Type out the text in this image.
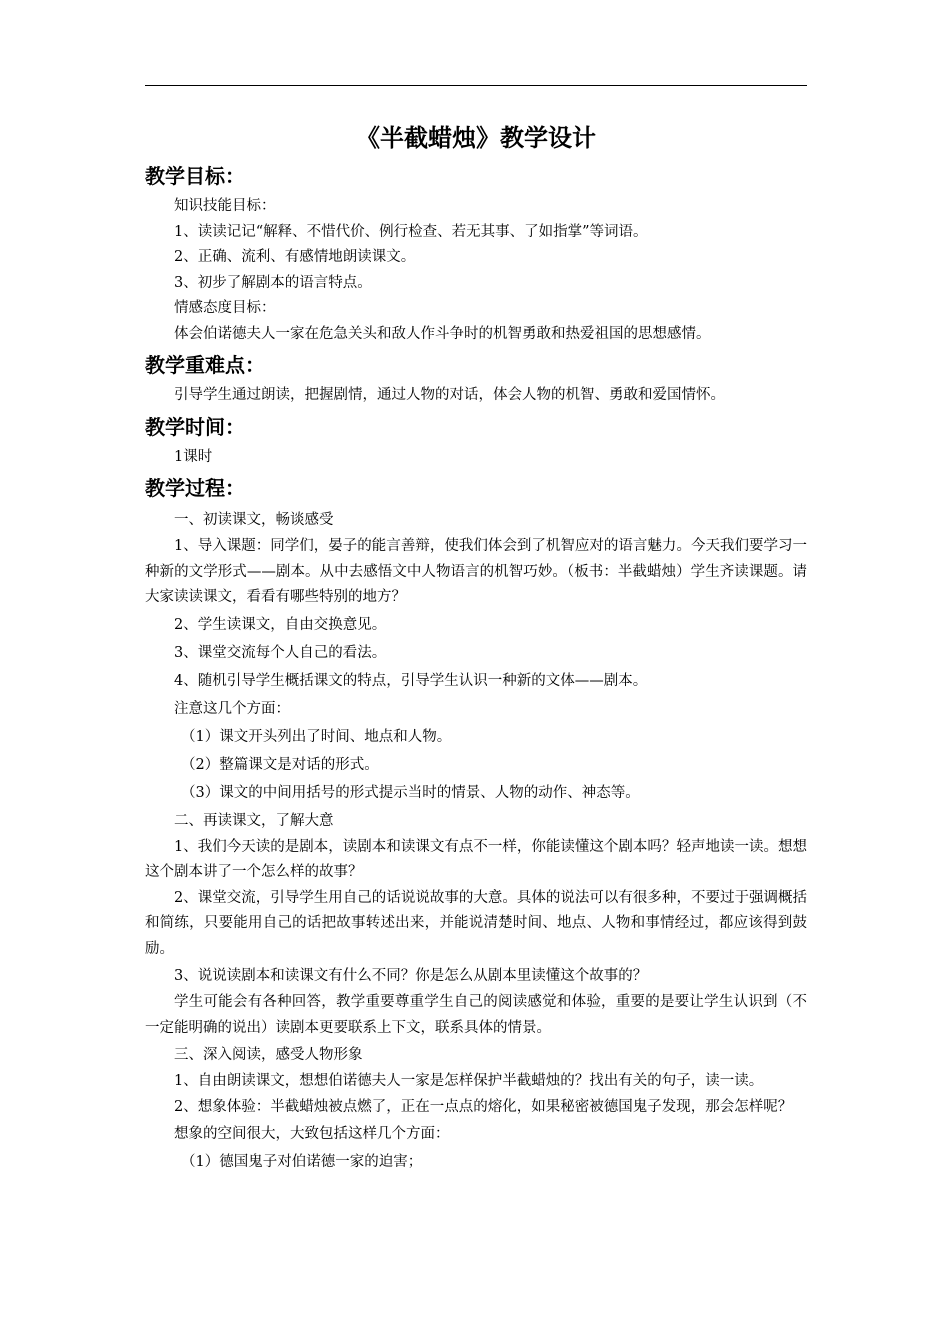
《半截蜡烛》教学设计
教学目标：

知识技能目标：

1、读读记记“解释、不惜代价、例行检查、若无其事、了如指掌”等词语。

2、正确、流利、有感情地朗读课文。

3、初步了解剧本的语言特点。

情感态度目标：

体会伯诺德夫人一家在危急关头和敌人作斗争时的机智勇敢和热爱祖国的思想感情。

教学重难点：

引导学生通过朗读，把握剧情，通过人物的对话，体会人物的机智、勇敢和爱国情怀。

教学时间：

1课时

教学过程：

一、初读课文，畅谈感受

1、导入课题：同学们，晏子的能言善辩，使我们体会到了机智应对的语言魅力。今天我们要学习一种新的文学形式——剧本。从中去感悟文中人物语言的机智巧妙。（板书：半截蜡烛）学生齐读课题。请大家读读课文，看看有哪些特别的地方？

2、学生读课文，自由交换意见。

3、课堂交流每个人自己的看法。

4、随机引导学生概括课文的特点，引导学生认识一种新的文体——剧本。

注意这几个方面：

（1）课文开头列出了时间、地点和人物。

（2）整篇课文是对话的形式。

（3）课文的中间用括号的形式提示当时的情景、人物的动作、神态等。

二、再读课文，了解大意

1、我们今天读的是剧本，读剧本和读课文有点不一样，你能读懂这个剧本吗？轻声地读一读。想想这个剧本讲了一个怎么样的故事？

2、课堂交流，引导学生用自己的话说说故事的大意。具体的说法可以有很多种，不要过于强调概括和简练，只要能用自己的话把故事转述出来，并能说清楚时间、地点、人物和事情经过，都应该得到鼓励。

3、说说读剧本和读课文有什么不同？你是怎么从剧本里读懂这个故事的？

学生可能会有各种回答，教学重要尊重学生自己的阅读感觉和体验，重要的是要让学生认识到（不一定能明确的说出）读剧本更要联系上下文，联系具体的情景。

三、深入阅读，感受人物形象

1、自由朗读课文，想想伯诺德夫人一家是怎样保护半截蜡烛的？找出有关的句子，读一读。

2、想象体验：半截蜡烛被点燃了，正在一点点的熔化，如果秘密被德国鬼子发现，那会怎样呢？

想象的空间很大，大致包括这样几个方面：

（1）德国鬼子对伯诺德一家的迫害；
